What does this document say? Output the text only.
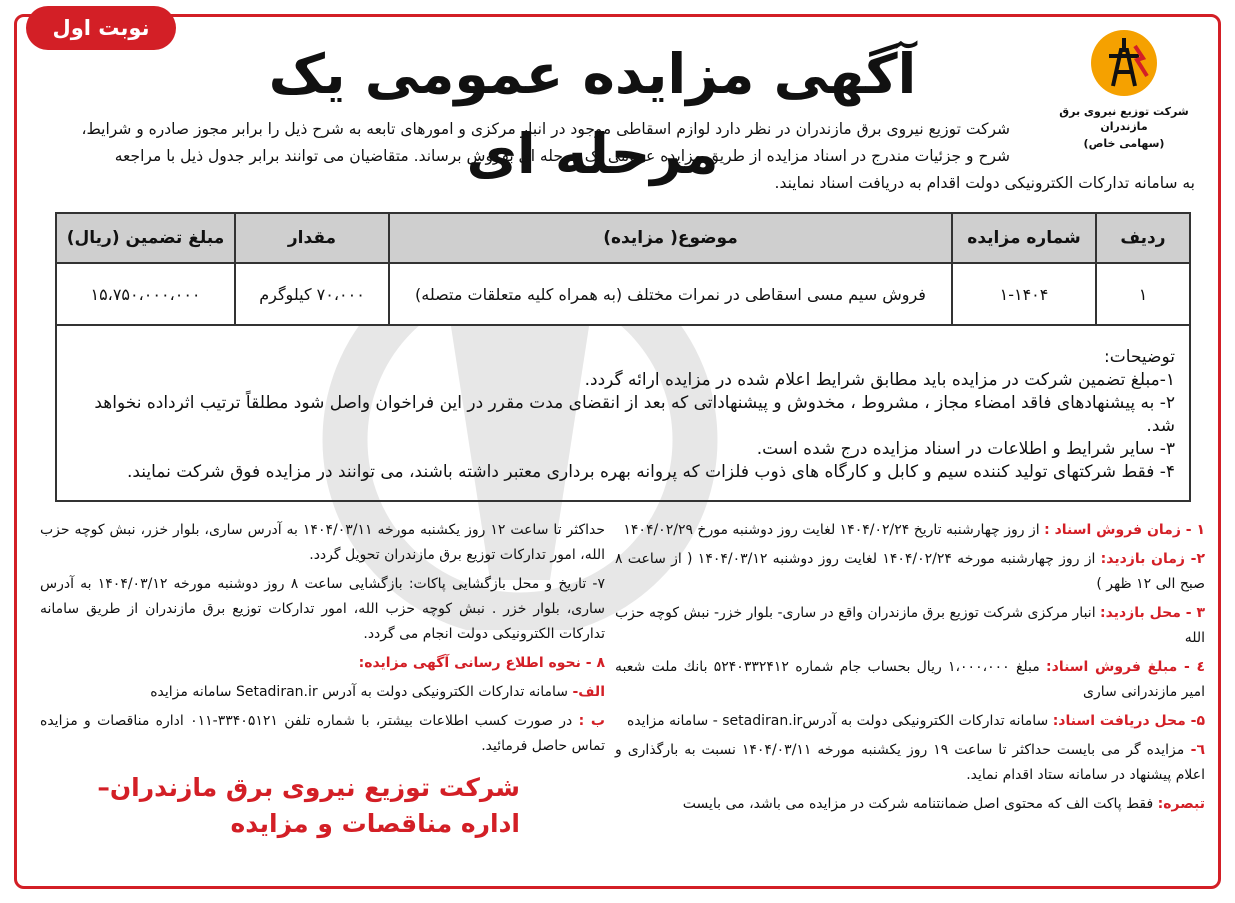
نوبت اول
شرکت توزیع نیروی برق مازندران
(سهامی خاص)
آگهی مزایده عمومی یک مرحله ای
شرکت توزیع نیروی برق مازندران در نظر دارد لوازم اسقاطی موجود در انبار مرکزی و امورهای تابعه به شرح ذیل را برابر مجوز صادره و شرایط،
شرح و جزئیات مندرج در اسناد مزایده از طریق مزایده عمومی یک مرحله ای بفروش برساند. متقاضیان می توانند برابر جدول ذیل با مراجعه
به سامانه تدارکات الکترونیکی دولت اقدام به دریافت اسناد نمایند.
ردیف	شماره مزایده	موضوع( مزایده)	مقدار	مبلغ تضمین (ریال)
۱	۱-۱۴۰۴	فروش سیم مسی اسقاطی در نمرات مختلف (به همراه کلیه متعلقات متصله)	۷۰،۰۰۰ کیلوگرم	۱۵،۷۵۰،۰۰۰،۰۰۰

توضیحات:

۱-مبلغ تضمین شرکت در مزایده باید مطابق شرایط اعلام شده در مزایده ارائه گردد.

۲- به پیشنهادهای فاقد امضاء مجاز ، مشروط ، مخدوش و پیشنهاداتی که بعد از انقضای مدت مقرر در این فراخوان واصل شود مطلقاً ترتیب اثرداده نخواهد شد.

۳- سایر شرایط و اطلاعات در اسناد مزایده درج شده است.

۴- فقط شرکتهای تولید کننده سیم و کابل و کارگاه های ذوب فلزات که پروانه بهره برداری معتبر داشته باشند، می توانند در مزایده فوق شرکت نمایند.

۱ - زمان فروش اسناد : از روز چهارشنبه تاریخ ۱۴۰۴/۰۲/۲۴ لغایت روز دوشنبه مورخ ۱۴۰۴/۰۲/۲۹

۲- زمان بازدید: از روز چهارشنبه مورخه ۱۴۰۴/۰۲/۲۴ لغایت روز دوشنبه ۱۴۰۴/۰۳/۱۲ ( از ساعت ۸ صبح الی ۱۲ ظهر )

۳ - محل بازدید: انبار مرکزی شرکت توزیع برق مازندران واقع در ساری- بلوار خزر- نبش کوچه حزب الله

٤ - مبلغ فروش اسناد: مبلغ ۱،۰۰۰،۰۰۰ ریال بحساب جام شماره ۵۲۴۰۳۳۲۴۱۲ بانك ملت شعبه امیر مازندرانی ساری

۵- محل دریافت اسناد: سامانه تدارکات الکترونیکی دولت به آدرسsetadiran.ir - سامانه مزایده

٦- مزایده گر می بایست حداکثر تا ساعت ۱۹ روز یکشنبه مورخه ۱۴۰۴/۰۳/۱۱ نسبت به بارگذاری و اعلام پیشنهاد در سامانه ستاد اقدام نماید.

تبصره: فقط پاکت الف که محتوی اصل ضمانتنامه شرکت در مزایده می باشد، می بایست

حداکثر تا ساعت ۱۲ روز یکشنبه مورخه ۱۴۰۴/۰۳/۱۱ به آدرس ساری، بلوار خزر، نبش کوچه حزب الله، امور تدارکات توزیع برق مازندران تحویل گردد.

۷- تاریخ و محل بازگشایی پاکات: بازگشایی ساعت ۸ روز دوشنبه مورخه ۱۴۰۴/۰۳/۱۲ به آدرس ساری، بلوار خزر . نبش کوچه حزب الله، امور تدارکات توزیع برق مازندران از طریق سامانه تدارکات الکترونیکی دولت انجام می گردد.

۸ - نحوه اطلاع رسانی آگهی مزایده:

الف- سامانه تدارکات الکترونیکی دولت به آدرس Setadiran.ir سامانه مزایده

ب : در صورت کسب اطلاعات بیشتر، با شماره تلفن ۳۳۴۰۵۱۲۱-۰۱۱ اداره مناقصات و مزایده تماس حاصل فرمائید.

شرکت توزیع نیروی برق مازندران–اداره مناقصات و مزایده
